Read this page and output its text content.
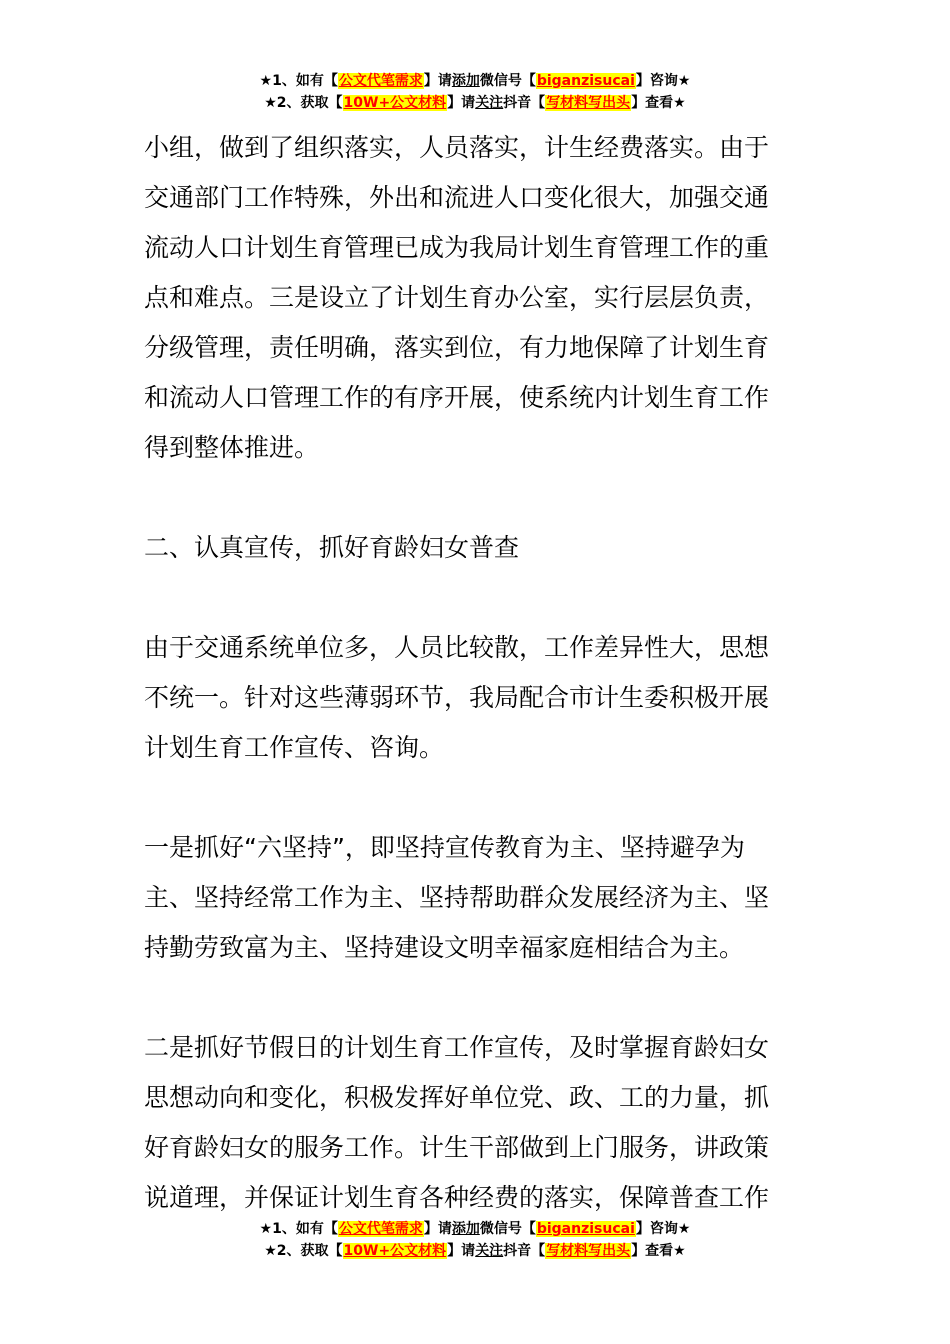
★1、如有【公文代笔需求】请添加微信号【biganzisucai】咨询★
★2、获取【10W+公文材料】请关注抖音【写材料写出头】查看★
小组，做到了组织落实，人员落实，计生经费落实。由于
交通部门工作特殊，外出和流进人口变化很大，加强交通
流动人口计划生育管理已成为我局计划生育管理工作的重
点和难点。三是设立了计划生育办公室，实行层层负责，
分级管理，责任明确，落实到位，有力地保障了计划生育
和流动人口管理工作的有序开展，使系统内计划生育工作
得到整体推进。
二、认真宣传，抓好育龄妇女普查
由于交通系统单位多，人员比较散，工作差异性大，思想
不统一。针对这些薄弱环节，我局配合市计生委积极开展
计划生育工作宣传、咨询。
一是抓好“六坚持”，即坚持宣传教育为主、坚持避孕为
主、坚持经常工作为主、坚持帮助群众发展经济为主、坚
持勤劳致富为主、坚持建设文明幸福家庭相结合为主。
二是抓好节假日的计划生育工作宣传，及时掌握育龄妇女
思想动向和变化，积极发挥好单位党、政、工的力量，抓
好育龄妇女的服务工作。计生干部做到上门服务，讲政策
说道理，并保证计划生育各种经费的落实，保障普查工作
★1、如有【公文代笔需求】请添加微信号【biganzisucai】咨询★
★2、获取【10W+公文材料】请关注抖音【写材料写出头】查看★
